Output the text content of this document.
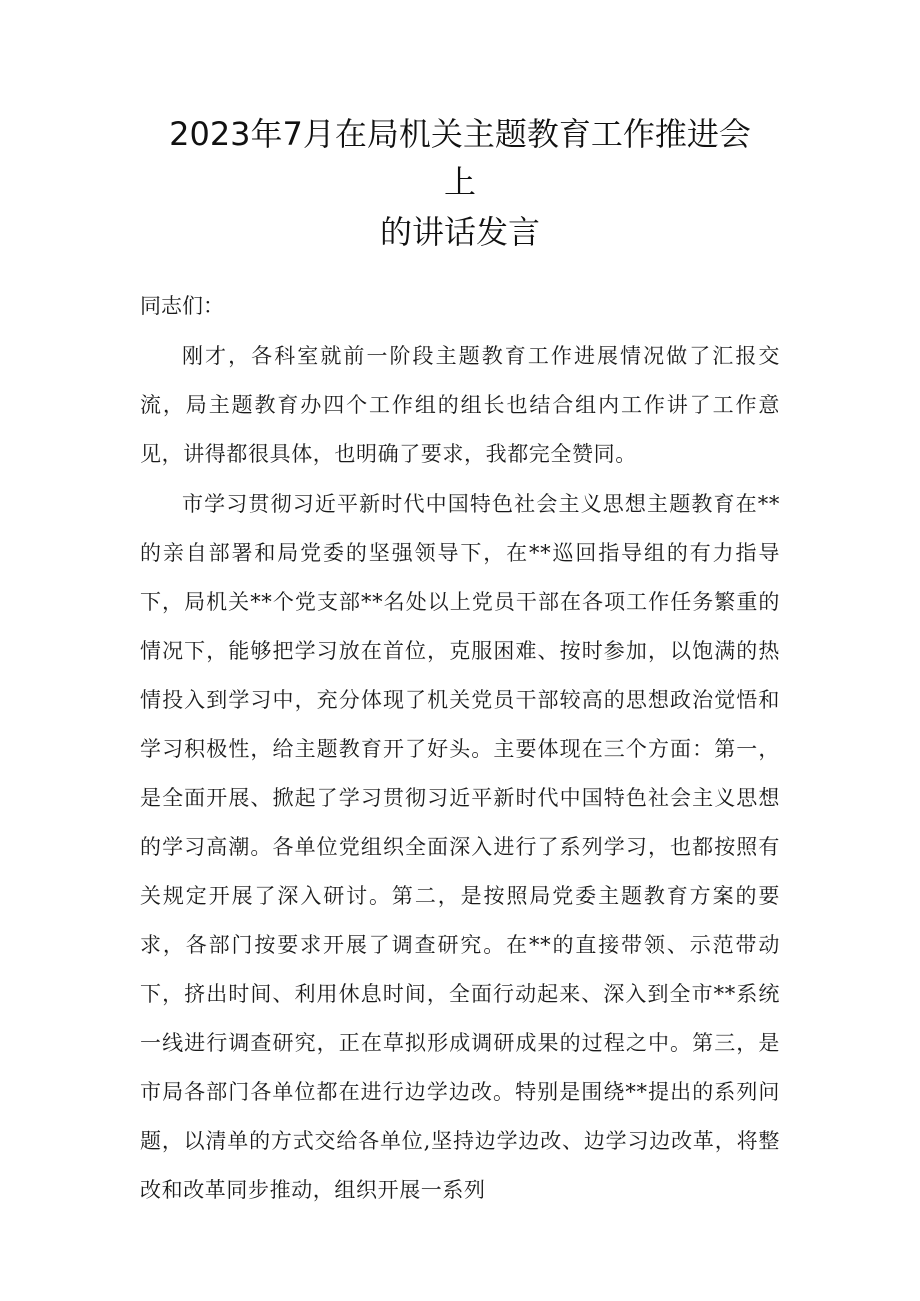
2023年7月在局机关主题教育工作推进会
上
的讲话发言
同志们：
刚才，各科室就前一阶段主题教育工作进展情况做了汇报交流，局主题教育办四个工作组的组长也结合组内工作讲了工作意见，讲得都很具体，也明确了要求，我都完全赞同。
市学习贯彻习近平新时代中国特色社会主义思想主题教育在**的亲自部署和局党委的坚强领导下，在**巡回指导组的有力指导下，局机关**个党支部**名处以上党员干部在各项工作任务繁重的情况下，能够把学习放在首位，克服困难、按时参加，以饱满的热情投入到学习中，充分体现了机关党员干部较高的思想政治觉悟和学习积极性，给主题教育开了好头。主要体现在三个方面：第一，是全面开展、掀起了学习贯彻习近平新时代中国特色社会主义思想的学习高潮。各单位党组织全面深入进行了系列学习，也都按照有关规定开展了深入研讨。第二，是按照局党委主题教育方案的要求，各部门按要求开展了调查研究。在**的直接带领、示范带动下，挤出时间、利用休息时间，全面行动起来、深入到全市**系统一线进行调查研究，正在草拟形成调研成果的过程之中。第三，是市局各部门各单位都在进行边学边改。特别是围绕**提出的系列问题，以清单的方式交给各单位,坚持边学边改、边学习边改革，将整改和改革同步推动，组织开展一系列
